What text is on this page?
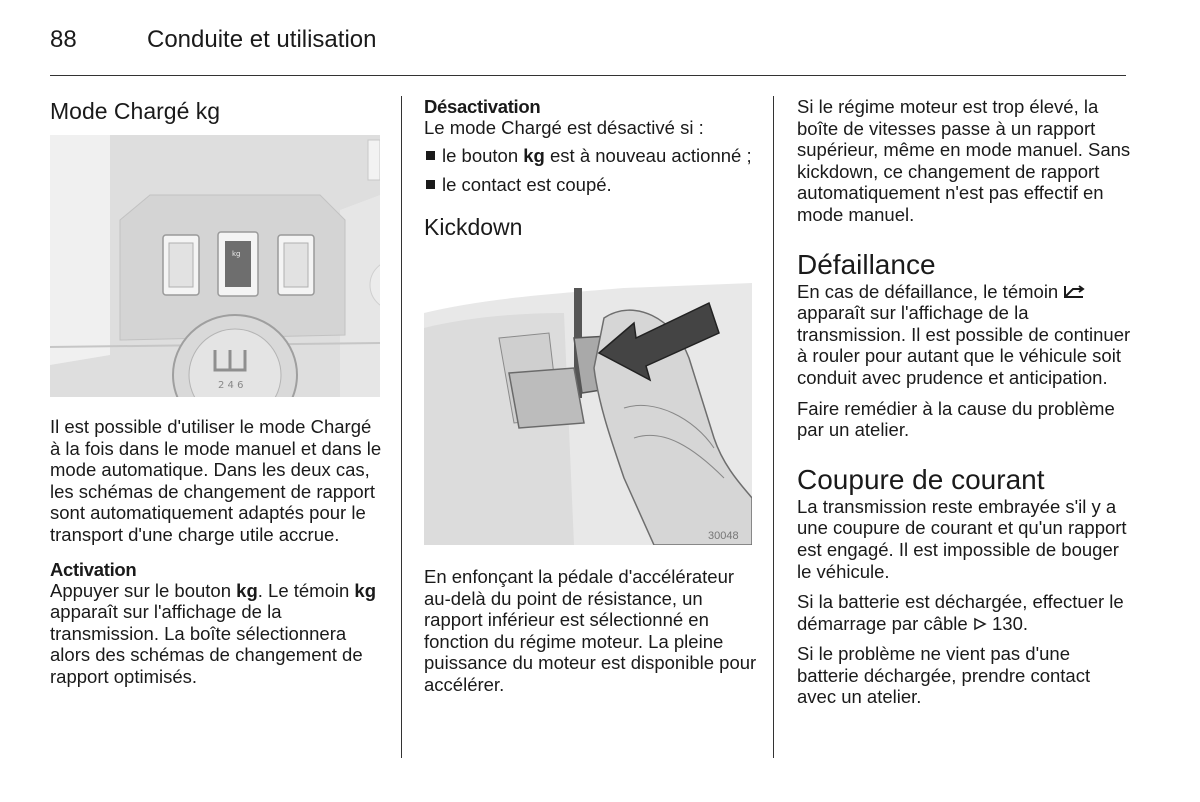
88	Conduite et utilisation
Mode Chargé kg
kg
2 4 6

Il est possible d'utiliser le mode Chargé à la fois dans le mode manuel et dans le mode automatique. Dans les deux cas, les schémas de changement de rapport sont automatiquement adaptés pour le transport d'une charge utile accrue.

Activation

Appuyer sur le bouton kg. Le témoin kg apparaît sur l'affichage de la transmission. La boîte sélectionnera alors des schémas de changement de rapport optimisés.

Désactivation

Le mode Chargé est désactivé si :

le bouton kg est à nouveau actionné ;
le contact est coupé.
Kickdown
30048

En enfonçant la pédale d'accélérateur au-delà du point de résistance, un rapport inférieur est sélectionné en fonction du régime moteur. La pleine puissance du moteur est disponible pour accélérer.

Si le régime moteur est trop élevé, la boîte de vitesses passe à un rapport supérieur, même en mode manuel. Sans kickdown, ce changement de rapport automatiquement n'est pas effectif en mode manuel.

Défaillance

En cas de défaillance, le témoin  apparaît sur l'affichage de la transmission. Il est possible de continuer à rouler pour autant que le véhicule soit conduit avec prudence et anticipation.

Faire remédier à la cause du problème par un atelier.

Coupure de courant

La transmission reste embrayée s'il y a une coupure de courant et qu'un rapport est engagé. Il est impossible de bouger le véhicule.

Si la batterie est déchargée, effectuer le démarrage par câble  130.

Si le problème ne vient pas d'une batterie déchargée, prendre contact avec un atelier.
